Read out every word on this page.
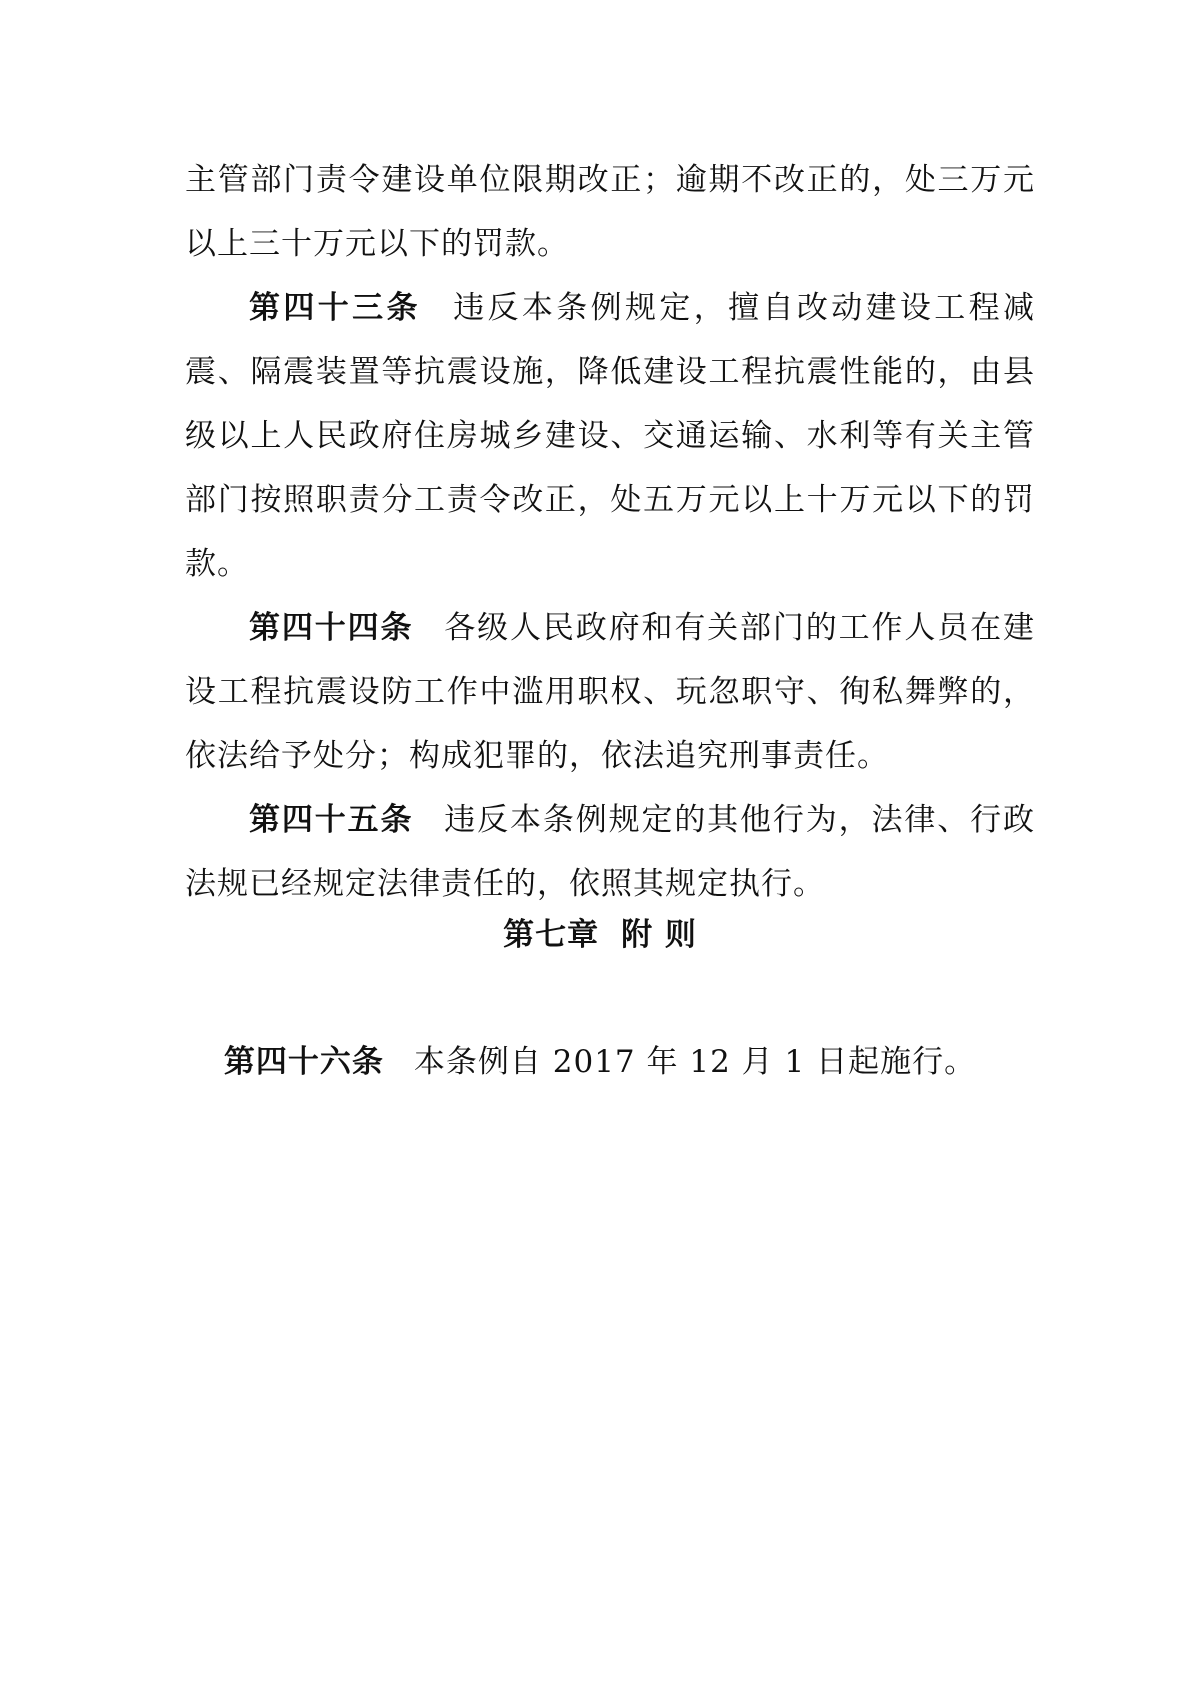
主管部门责令建设单位限期改正；逾期不改正的，处三万元以上三十万元以下的罚款。

第四十三条 违反本条例规定，擅自改动建设工程减震、隔震装置等抗震设施，降低建设工程抗震性能的，由县级以上人民政府住房城乡建设、交通运输、水利等有关主管部门按照职责分工责令改正，处五万元以上十万元以下的罚款。

第四十四条 各级人民政府和有关部门的工作人员在建设工程抗震设防工作中滥用职权、玩忽职守、徇私舞弊的，依法给予处分；构成犯罪的，依法追究刑事责任。

第四十五条 违反本条例规定的其他行为，法律、行政法规已经规定法律责任的，依照其规定执行。

第七章 附 则
第四十六条 本条例自 2017 年 12 月 1 日起施行。
